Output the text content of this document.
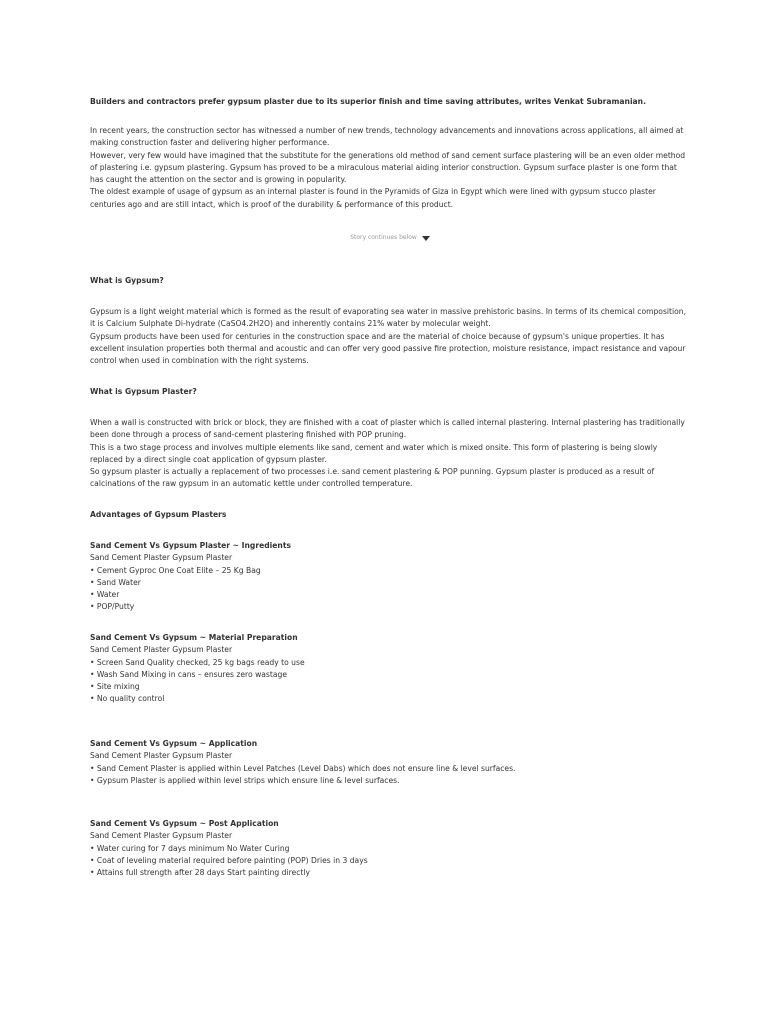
Builders and contractors prefer gypsum plaster due to its superior finish and time saving attributes, writes Venkat Subramanian.

In recent years, the construction sector has witnessed a number of new trends, technology advancements and innovations across applications, all aimed at making construction faster and delivering higher performance.

However, very few would have imagined that the substitute for the generations old method of sand cement surface plastering will be an even older method of plastering i.e. gypsum plastering. Gypsum has proved to be a miraculous material aiding interior construction. Gypsum surface plaster is one form that has caught the attention on the sector and is growing in popularity.

The oldest example of usage of gypsum as an internal plaster is found in the Pyramids of Giza in Egypt which were lined with gypsum stucco plaster centuries ago and are still intact, which is proof of the durability & performance of this product.

Story continues below
What is Gypsum?

Gypsum is a light weight material which is formed as the result of evaporating sea water in massive prehistoric basins. In terms of its chemical composition, it is Calcium Sulphate Di-hydrate (CaSO4.2H2O) and inherently contains 21% water by molecular weight.

Gypsum products have been used for centuries in the construction space and are the material of choice because of gypsum's unique properties. It has excellent insulation properties both thermal and acoustic and can offer very good passive fire protection, moisture resistance, impact resistance and vapour control when used in combination with the right systems.

What is Gypsum Plaster?

When a wall is constructed with brick or block, they are finished with a coat of plaster which is called internal plastering. Internal plastering has traditionally been done through a process of sand-cement plastering finished with POP pruning.

This is a two stage process and involves multiple elements like sand, cement and water which is mixed onsite. This form of plastering is being slowly replaced by a direct single coat application of gypsum plaster.

So gypsum plaster is actually a replacement of two processes i.e. sand cement plastering & POP punning. Gypsum plaster is produced as a result of calcinations of the raw gypsum in an automatic kettle under controlled temperature.

Advantages of Gypsum Plasters
Sand Cement Vs Gypsum Plaster ~ Ingredients
Sand Cement Plaster Gypsum Plaster
• Cement Gyproc One Coat Elite – 25 Kg Bag
• Sand Water
• Water
• POP/Putty
Sand Cement Vs Gypsum ~ Material Preparation
Sand Cement Plaster Gypsum Plaster
• Screen Sand Quality checked, 25 kg bags ready to use
• Wash Sand Mixing in cans – ensures zero wastage
• Site mixing
• No quality control
Sand Cement Vs Gypsum ~ Application
Sand Cement Plaster Gypsum Plaster
• Sand Cement Plaster is applied within Level Patches (Level Dabs) which does not ensure line & level surfaces.
• Gypsum Plaster is applied within level strips which ensure line & level surfaces.
Sand Cement Vs Gypsum ~ Post Application
Sand Cement Plaster Gypsum Plaster
• Water curing for 7 days minimum No Water Curing
• Coat of leveling material required before painting (POP) Dries in 3 days
• Attains full strength after 28 days Start painting directly
